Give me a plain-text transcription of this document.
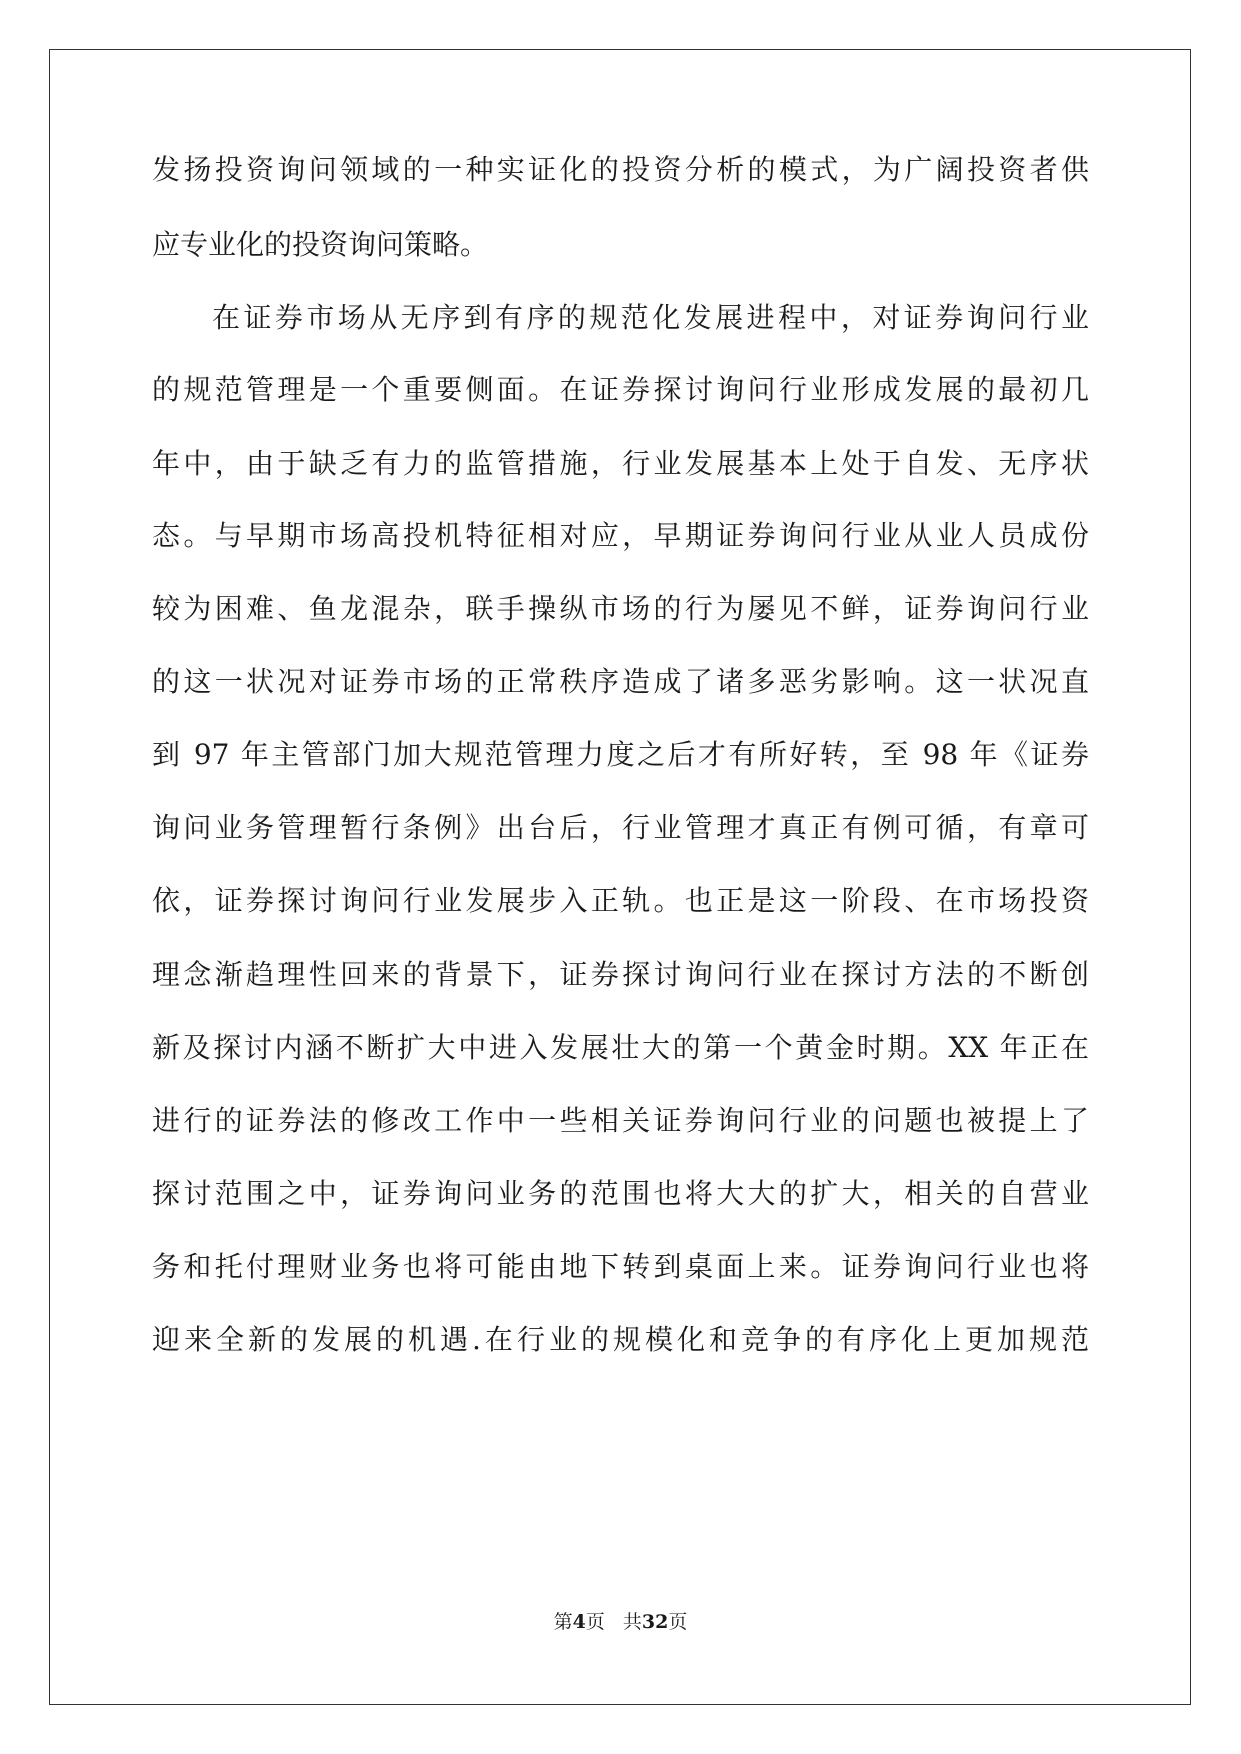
发扬投资询问领域的一种实证化的投资分析的模式，为广阔投资者供
应专业化的投资询问策略。
在证券市场从无序到有序的规范化发展进程中，对证券询问行业
的规范管理是一个重要侧面。在证券探讨询问行业形成发展的最初几
年中，由于缺乏有力的监管措施，行业发展基本上处于自发、无序状
态。与早期市场高投机特征相对应，早期证券询问行业从业人员成份
较为困难、鱼龙混杂，联手操纵市场的行为屡见不鲜，证券询问行业
的这一状况对证券市场的正常秩序造成了诸多恶劣影响。这一状况直
到 97 年主管部门加大规范管理力度之后才有所好转，至 98 年《证券
询问业务管理暂行条例》出台后，行业管理才真正有例可循，有章可
依，证券探讨询问行业发展步入正轨。也正是这一阶段、在市场投资
理念渐趋理性回来的背景下，证券探讨询问行业在探讨方法的不断创
新及探讨内涵不断扩大中进入发展壮大的第一个黄金时期。XX 年正在
进行的证券法的修改工作中一些相关证券询问行业的问题也被提上了
探讨范围之中，证券询问业务的范围也将大大的扩大，相关的自营业
务和托付理财业务也将可能由地下转到桌面上来。证券询问行业也将
迎来全新的发展的机遇.在行业的规模化和竞争的有序化上更加规范
第4页 共32页
